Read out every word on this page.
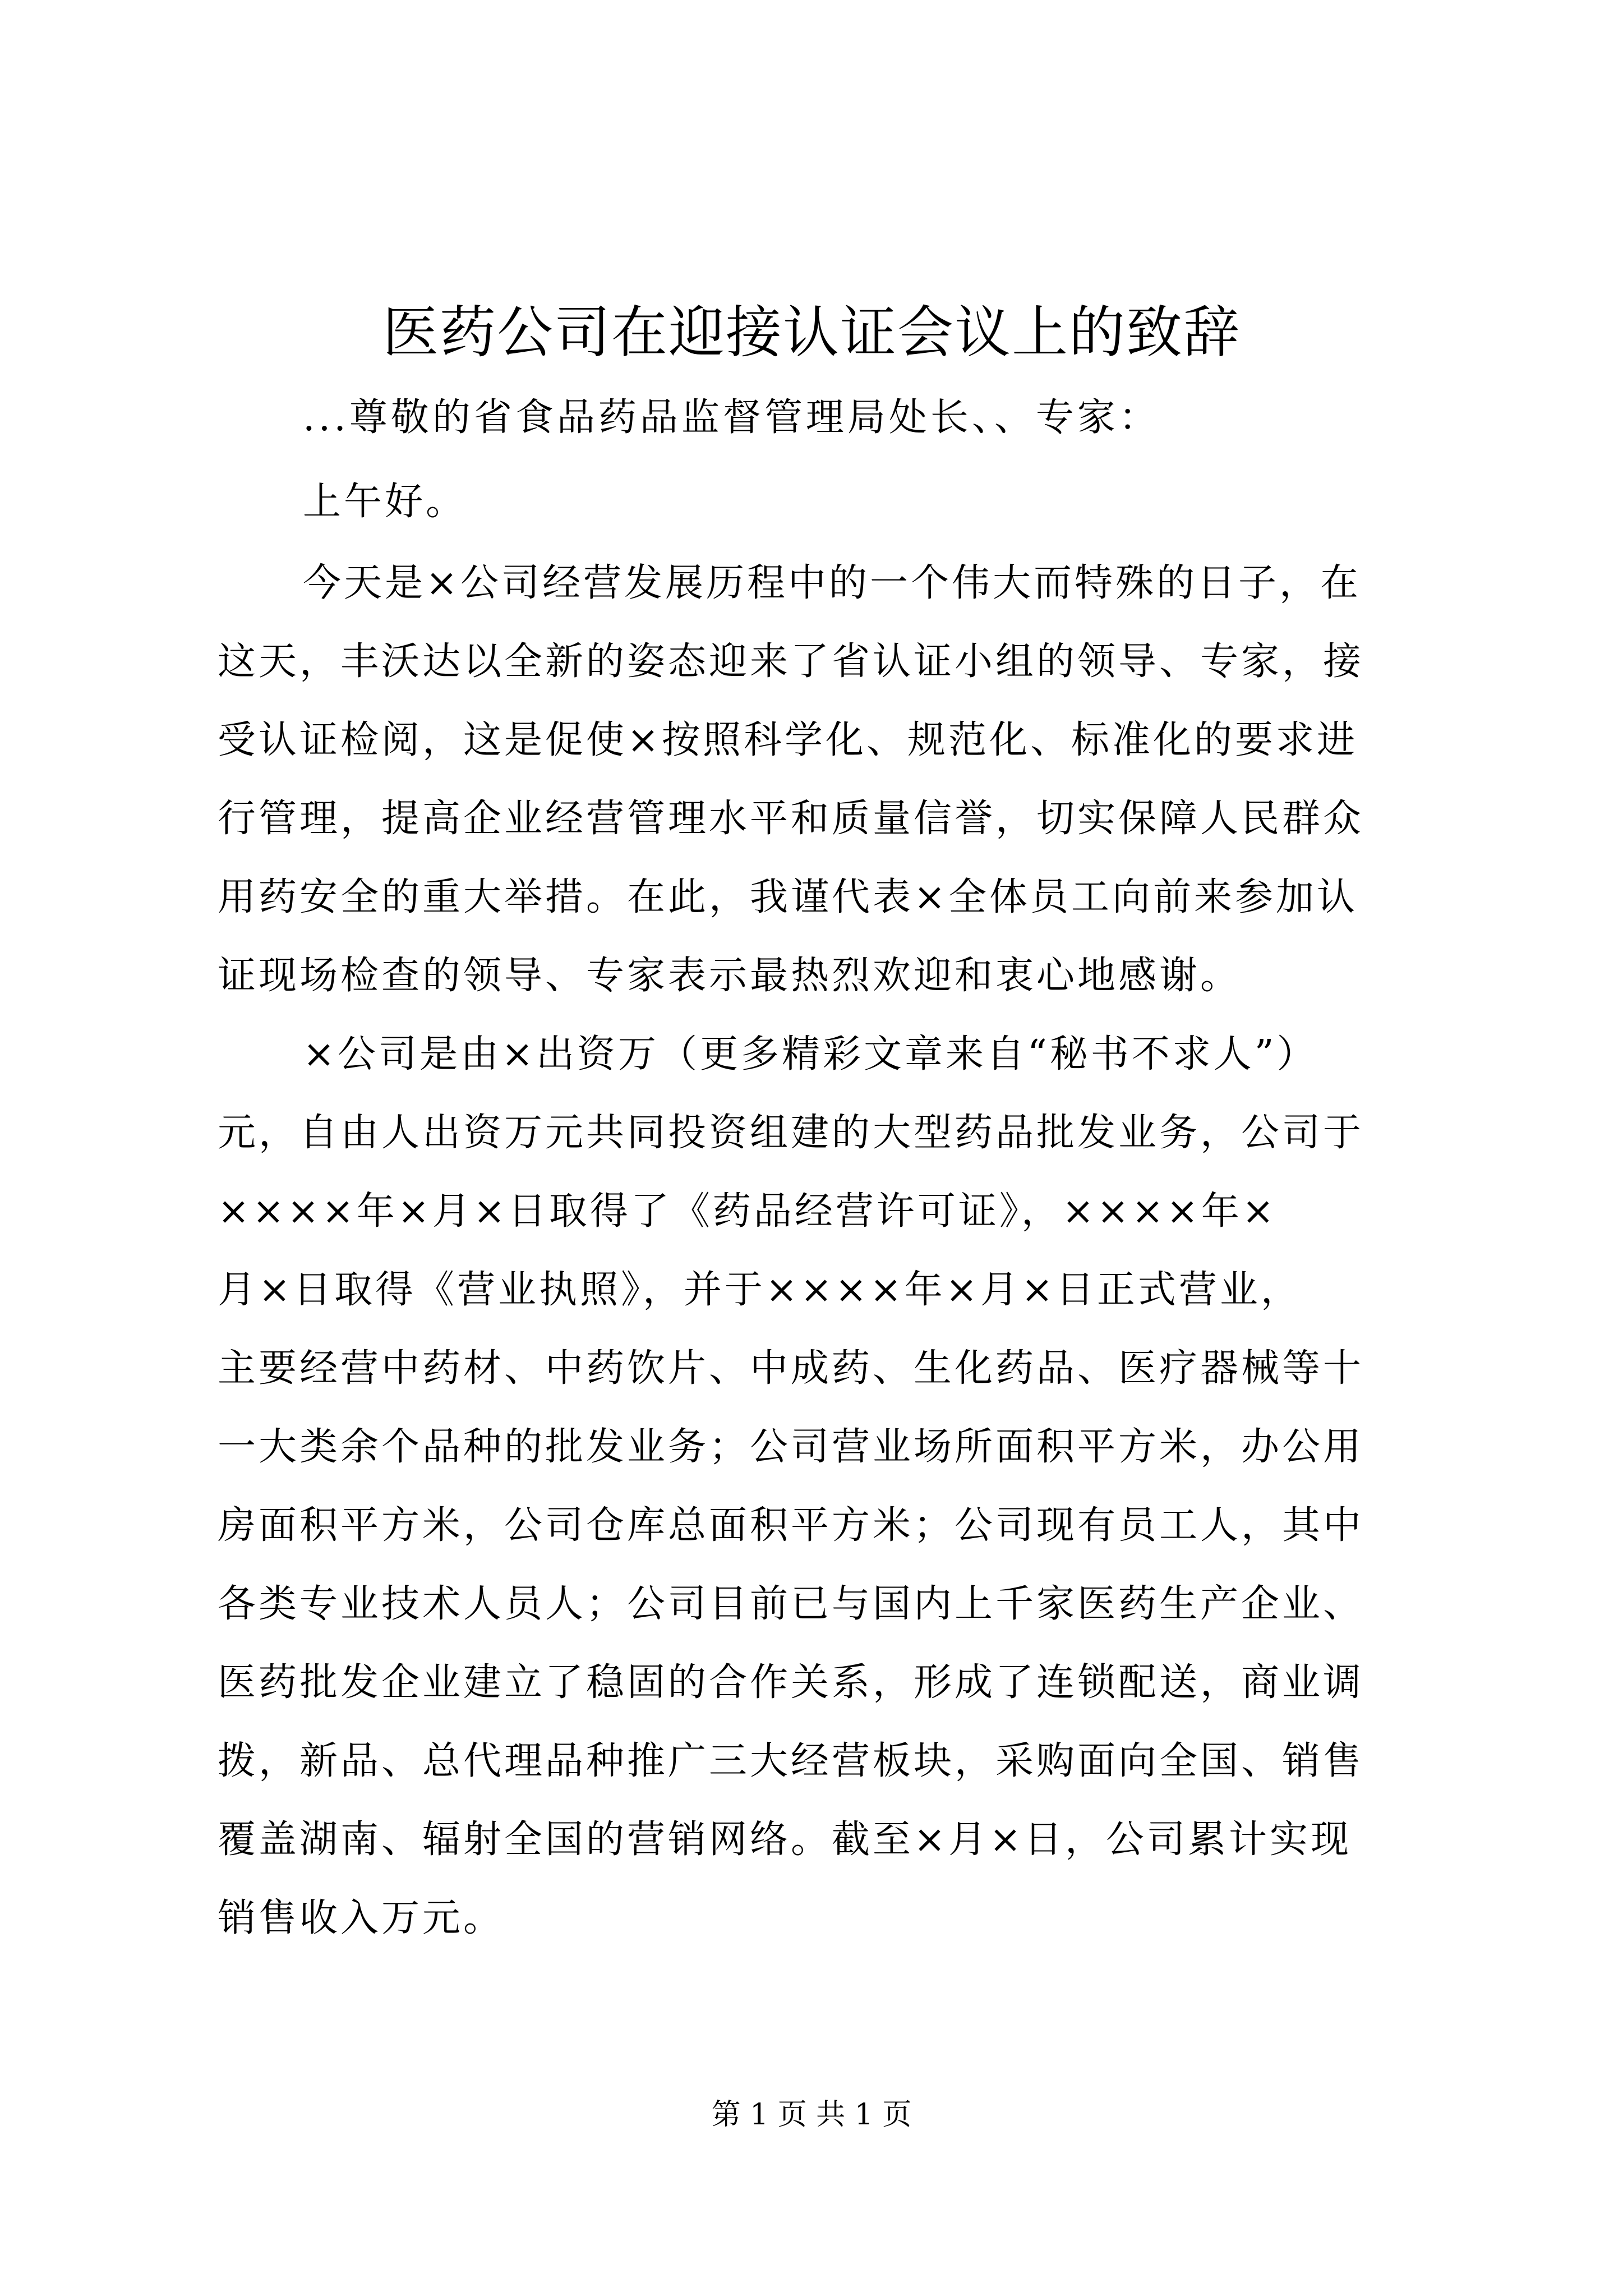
医药公司在迎接认证会议上的致辞
...尊敬的省食品药品监督管理局处长、、专家：
上午好。
今天是×公司经营发展历程中的一个伟大而特殊的日子，在
这天，丰沃达以全新的姿态迎来了省认证小组的领导、专家，接
受认证检阅，这是促使×按照科学化、规范化、标准化的要求进
行管理，提高企业经营管理水平和质量信誉，切实保障人民群众
用药安全的重大举措。在此，我谨代表×全体员工向前来参加认
证现场检查的领导、专家表示最热烈欢迎和衷心地感谢。
×公司是由×出资万（更多精彩文章来自“秘书不求人”）
元，自由人出资万元共同投资组建的大型药品批发业务，公司于
××××年×月×日取得了《药品经营许可证》，××××年×
月×日取得《营业执照》，并于××××年×月×日正式营业，
主要经营中药材、中药饮片、中成药、生化药品、医疗器械等十
一大类余个品种的批发业务；公司营业场所面积平方米，办公用
房面积平方米，公司仓库总面积平方米；公司现有员工人，其中
各类专业技术人员人；公司目前已与国内上千家医药生产企业、
医药批发企业建立了稳固的合作关系，形成了连锁配送，商业调
拨，新品、总代理品种推广三大经营板块，采购面向全国、销售
覆盖湖南、辐射全国的营销网络。截至×月×日，公司累计实现
销售收入万元。
第 1 页 共 1 页
